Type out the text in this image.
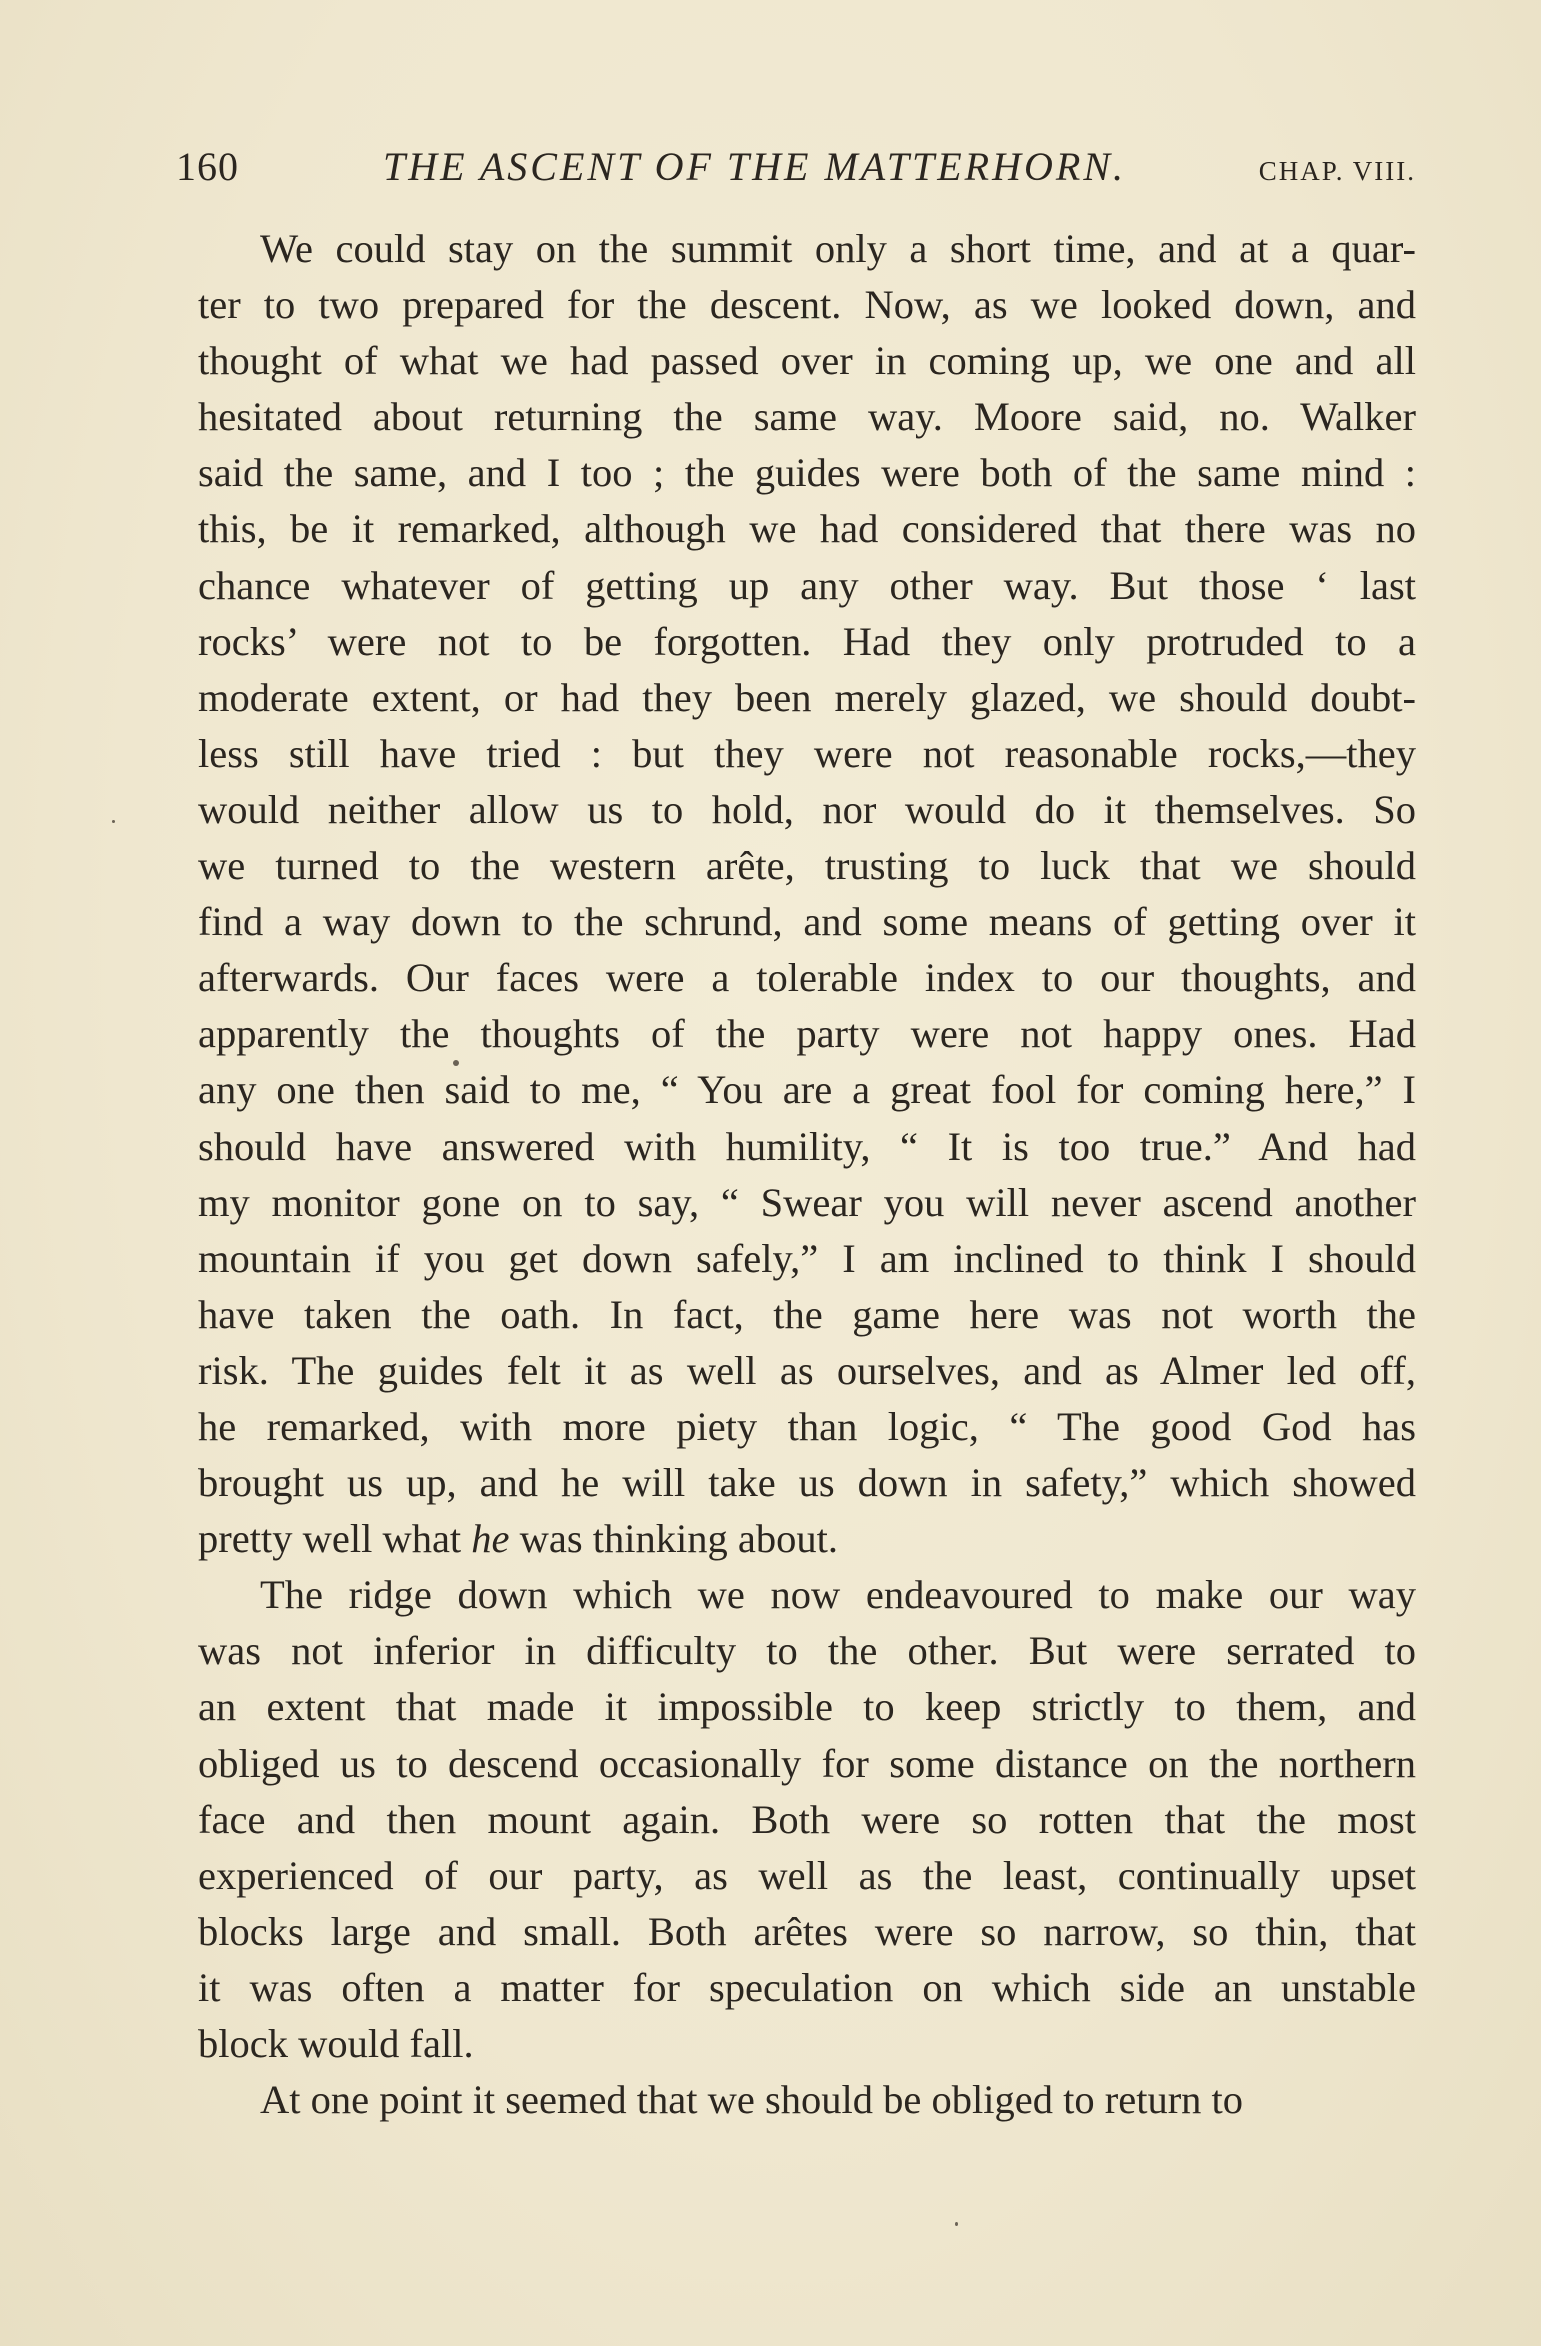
160	THE ASCENT OF THE MATTERHORN.	CHAP. VIII.
We could stay on the summit only a short time, and at a quar-
ter to two prepared for the descent. Now, as we looked down, and
thought of what we had passed over in coming up, we one and all
hesitated about returning the same way. Moore said, no. Walker
said the same, and I too ; the guides were both of the same mind :
this, be it remarked, although we had considered that there was no
chance whatever of getting up any other way. But those ‘ last
rocks’ were not to be forgotten. Had they only protruded to a
moderate extent, or had they been merely glazed, we should doubt-
less still have tried : but they were not reasonable rocks,—they
would neither allow us to hold, nor would do it themselves. So
we turned to the western arête, trusting to luck that we should
find a way down to the schrund, and some means of getting over it
afterwards. Our faces were a tolerable index to our thoughts, and
apparently the thoughts of the party were not happy ones. Had
any one then said to me, “ You are a great fool for coming here,” I
should have answered with humility, “ It is too true.” And had
my monitor gone on to say, “ Swear you will never ascend another
mountain if you get down safely,” I am inclined to think I should
have taken the oath. In fact, the game here was not worth the
risk. The guides felt it as well as ourselves, and as Almer led off,
he remarked, with more piety than logic, “ The good God has
brought us up, and he will take us down in safety,” which showed
pretty well what he was thinking about.
The ridge down which we now endeavoured to make our way
was not inferior in difficulty to the other. But were serrated to
an extent that made it impossible to keep strictly to them, and
obliged us to descend occasionally for some distance on the northern
face and then mount again. Both were so rotten that the most
experienced of our party, as well as the least, continually upset
blocks large and small. Both arêtes were so narrow, so thin, that
it was often a matter for speculation on which side an unstable
block would fall.
At one point it seemed that we should be obliged to return to
